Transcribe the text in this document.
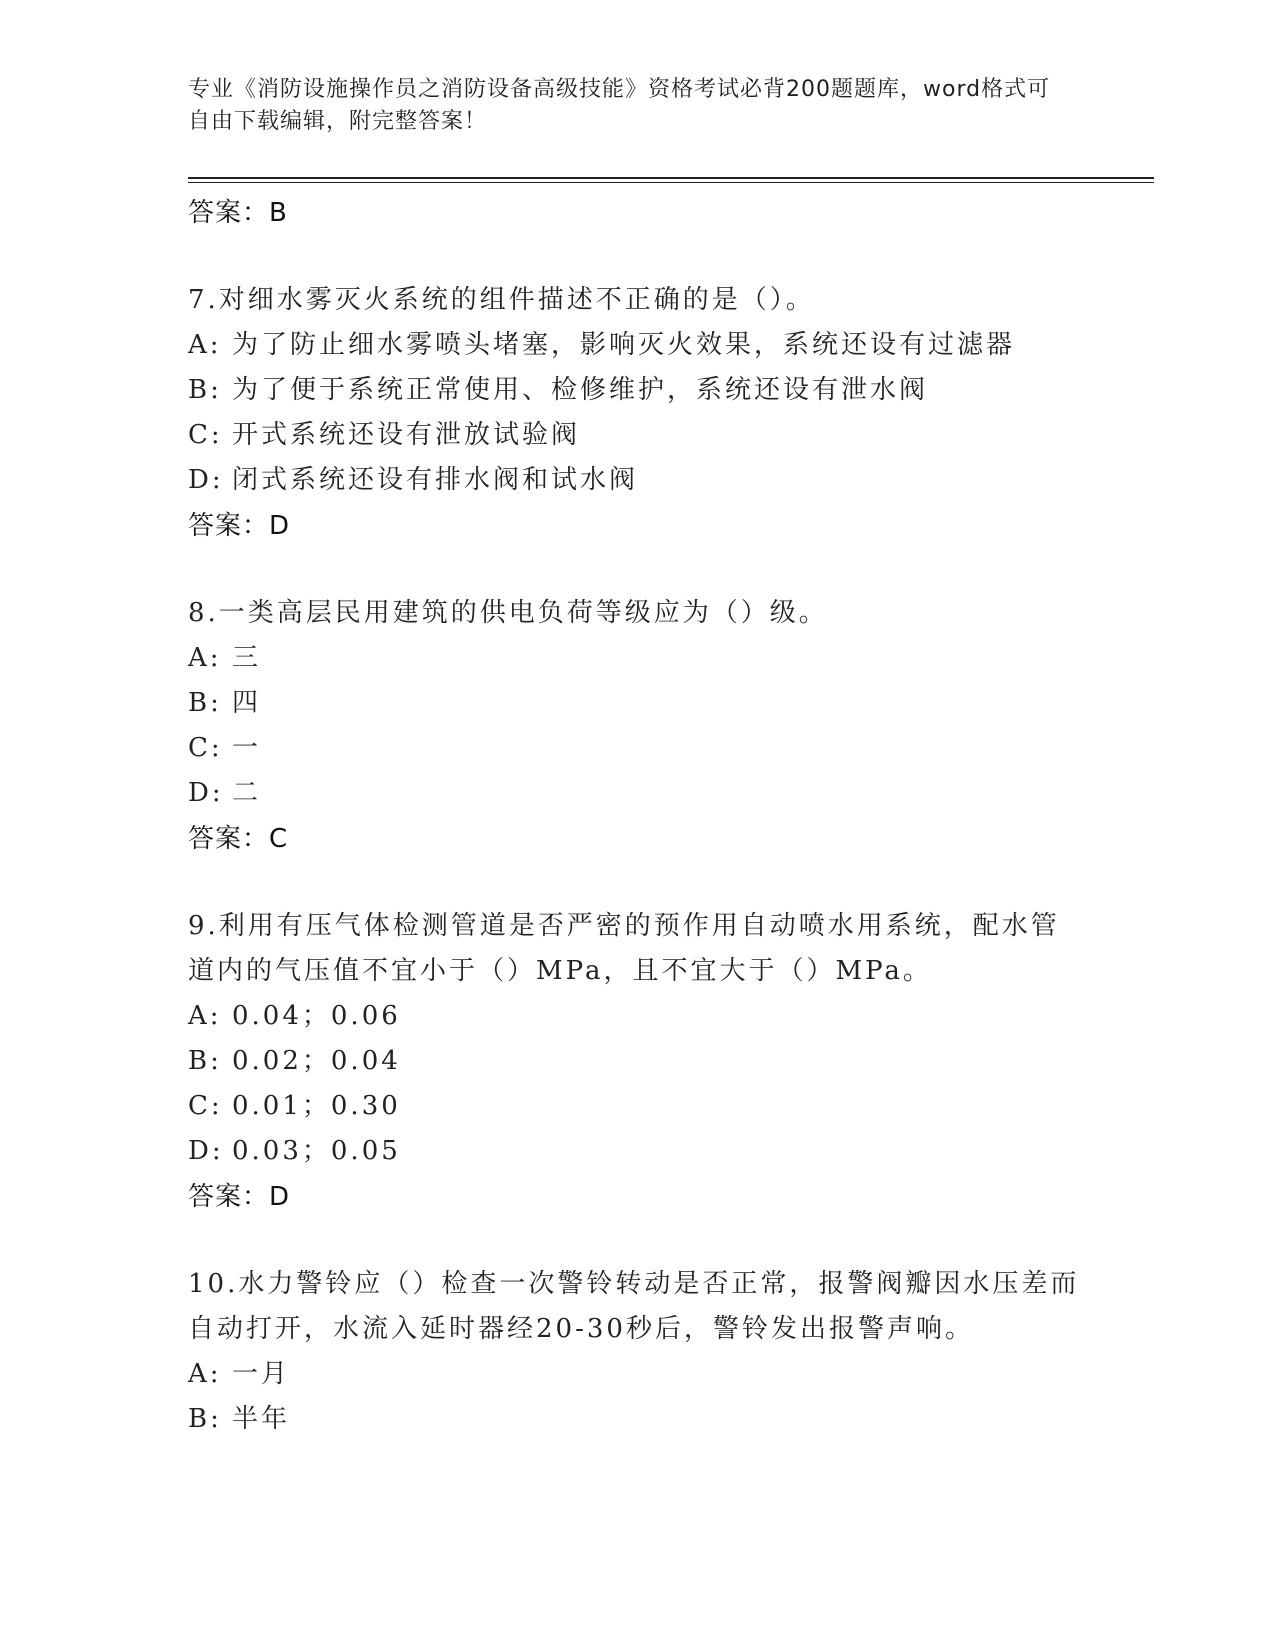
专业《消防设施操作员之消防设备高级技能》资格考试必背200题题库，word格式可自由下载编辑，附完整答案！
答案：B
7.对细水雾灭火系统的组件描述不正确的是（）。
A: 为了防止细水雾喷头堵塞，影响灭火效果，系统还设有过滤器
B: 为了便于系统正常使用、检修维护，系统还设有泄水阀
C: 开式系统还设有泄放试验阀
D: 闭式系统还设有排水阀和试水阀
答案：D
8.一类高层民用建筑的供电负荷等级应为（）级。
A: 三
B: 四
C: 一
D: 二
答案：C
9.利用有压气体检测管道是否严密的预作用自动喷水用系统，配水管道内的气压值不宜小于（）MPa，且不宜大于（）MPa。
A: 0.04；0.06
B: 0.02；0.04
C: 0.01；0.30
D: 0.03；0.05
答案：D
10.水力警铃应（）检查一次警铃转动是否正常，报警阀瓣因水压差而自动打开，水流入延时器经20-30秒后，警铃发出报警声响。
A: 一月
B: 半年
